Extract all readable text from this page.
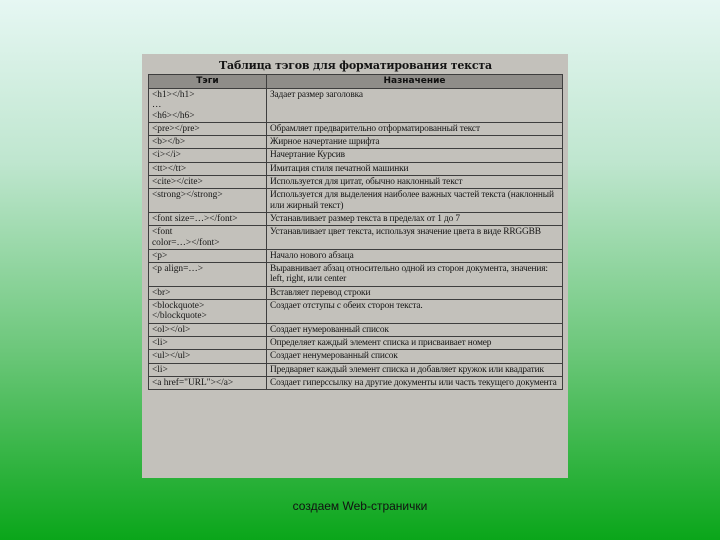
Таблица тэгов для форматирования текста
Тэги	Назначение
<h1></h1>
…
<h6></h6>	Задает размер заголовка
<pre></pre>	Обрамляет предварительно отформатированный текст
<b></b>	Жирное начертание шрифта
<i></i>	Начертание Курсив
<tt></tt>	Имитация стиля печатной машинки
<cite></cite>	Используется для цитат, обычно наклонный текст
<strong></strong>	Используется для выделения наиболее важных частей текста (наклонный или жирный текст)
<font size=…></font>	Устанавливает размер текста в пределах от 1 до 7
<font
color=…></font>	Устанавливает цвет текста, используя значение цвета в виде RRGGBB
<p>	Начало нового абзаца
<p align=…>	Выравнивает абзац относительно одной из сторон документа, значения: left, right, или center
<br>	Вставляет перевод строки
<blockquote>
</blockquote>	Создает отступы с обеих сторон текста.
<ol></ol>	Создает нумерованный список
<li>	Определяет каждый элемент списка и присваивает номер
<ul></ul>	Создает ненумерованный список
<li>	Предваряет каждый элемент списка и добавляет кружок или квадратик
<a href="URL"></a>	Создает гиперссылку на другие документы или часть текущего документа
создаем Web-странички
